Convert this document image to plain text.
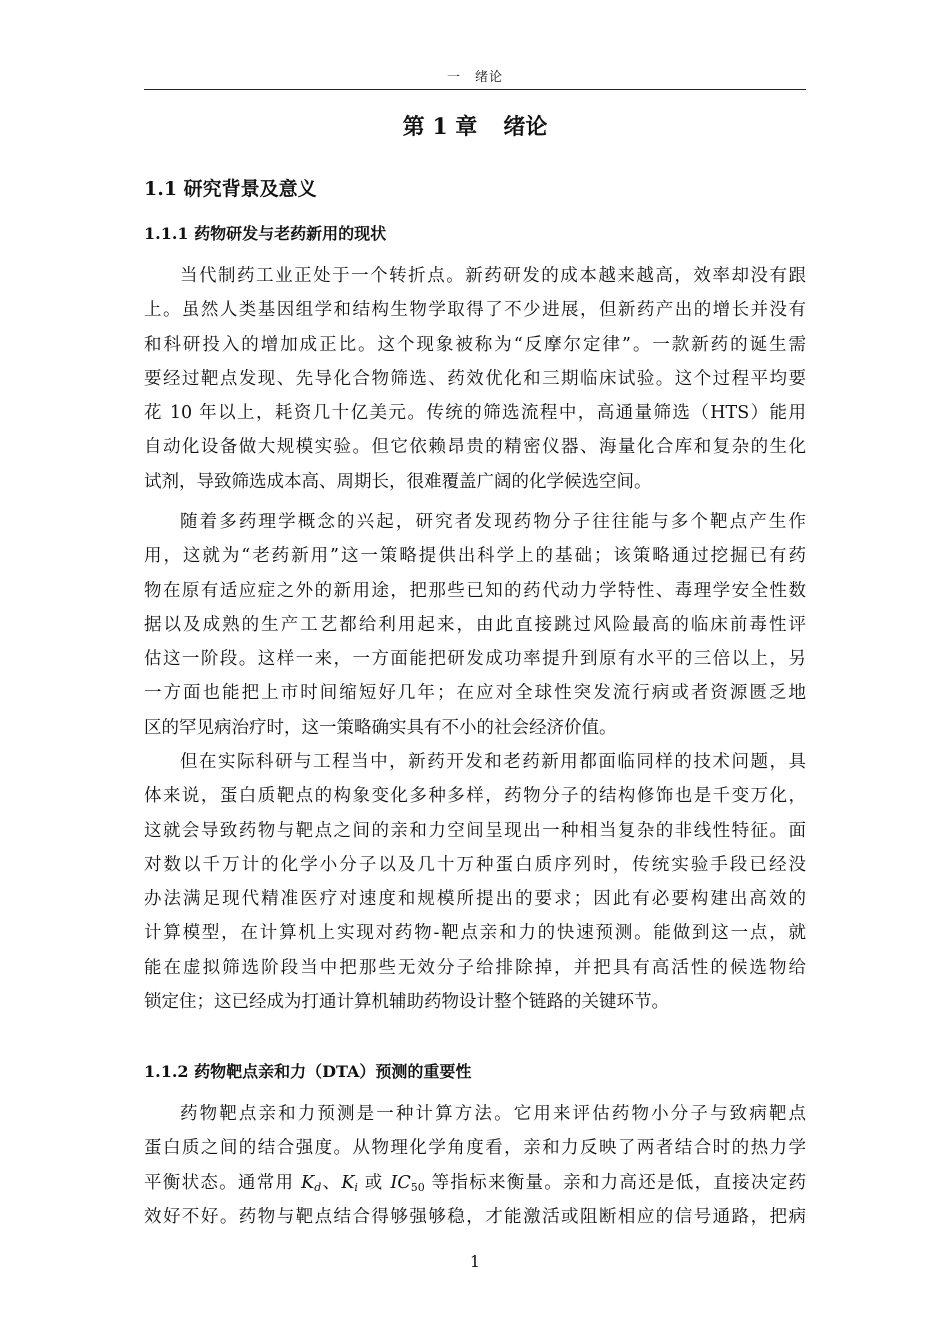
一　绪论
第 1 章 绪论
1.1 研究背景及意义
1.1.1 药物研发与老药新用的现状
当代制药工业正处于一个转折点。新药研发的成本越来越高，效率却没有跟
上。虽然人类基因组学和结构生物学取得了不少进展，但新药产出的增长并没有
和科研投入的增加成正比。这个现象被称为“反摩尔定律”。一款新药的诞生需
要经过靶点发现、先导化合物筛选、药效优化和三期临床试验。这个过程平均要
花 10 年以上，耗资几十亿美元。传统的筛选流程中，高通量筛选（HTS）能用
自动化设备做大规模实验。但它依赖昂贵的精密仪器、海量化合库和复杂的生化
试剂，导致筛选成本高、周期长，很难覆盖广阔的化学候选空间。
随着多药理学概念的兴起，研究者发现药物分子往往能与多个靶点产生作
用，这就为“老药新用”这一策略提供出科学上的基础；该策略通过挖掘已有药
物在原有适应症之外的新用途，把那些已知的药代动力学特性、毒理学安全性数
据以及成熟的生产工艺都给利用起来，由此直接跳过风险最高的临床前毒性评
估这一阶段。这样一来，一方面能把研发成功率提升到原有水平的三倍以上，另
一方面也能把上市时间缩短好几年；在应对全球性突发流行病或者资源匮乏地
区的罕见病治疗时，这一策略确实具有不小的社会经济价值。
但在实际科研与工程当中，新药开发和老药新用都面临同样的技术问题，具
体来说，蛋白质靶点的构象变化多种多样，药物分子的结构修饰也是千变万化，
这就会导致药物与靶点之间的亲和力空间呈现出一种相当复杂的非线性特征。面
对数以千万计的化学小分子以及几十万种蛋白质序列时，传统实验手段已经没
办法满足现代精准医疗对速度和规模所提出的要求；因此有必要构建出高效的
计算模型，在计算机上实现对药物-靶点亲和力的快速预测。能做到这一点，就
能在虚拟筛选阶段当中把那些无效分子给排除掉，并把具有高活性的候选物给
锁定住；这已经成为打通计算机辅助药物设计整个链路的关键环节。
1.1.2 药物靶点亲和力（DTA）预测的重要性
药物靶点亲和力预测是一种计算方法。它用来评估药物小分子与致病靶点
蛋白质之间的结合强度。从物理化学角度看，亲和力反映了两者结合时的热力学
平衡状态。通常用 $K_d$、$K_i$ 或 $IC_{50}$ 等指标来衡量。亲和力高还是低，直接决定药
效好不好。药物与靶点结合得够强够稳，才能激活或阻断相应的信号通路，把病
1
